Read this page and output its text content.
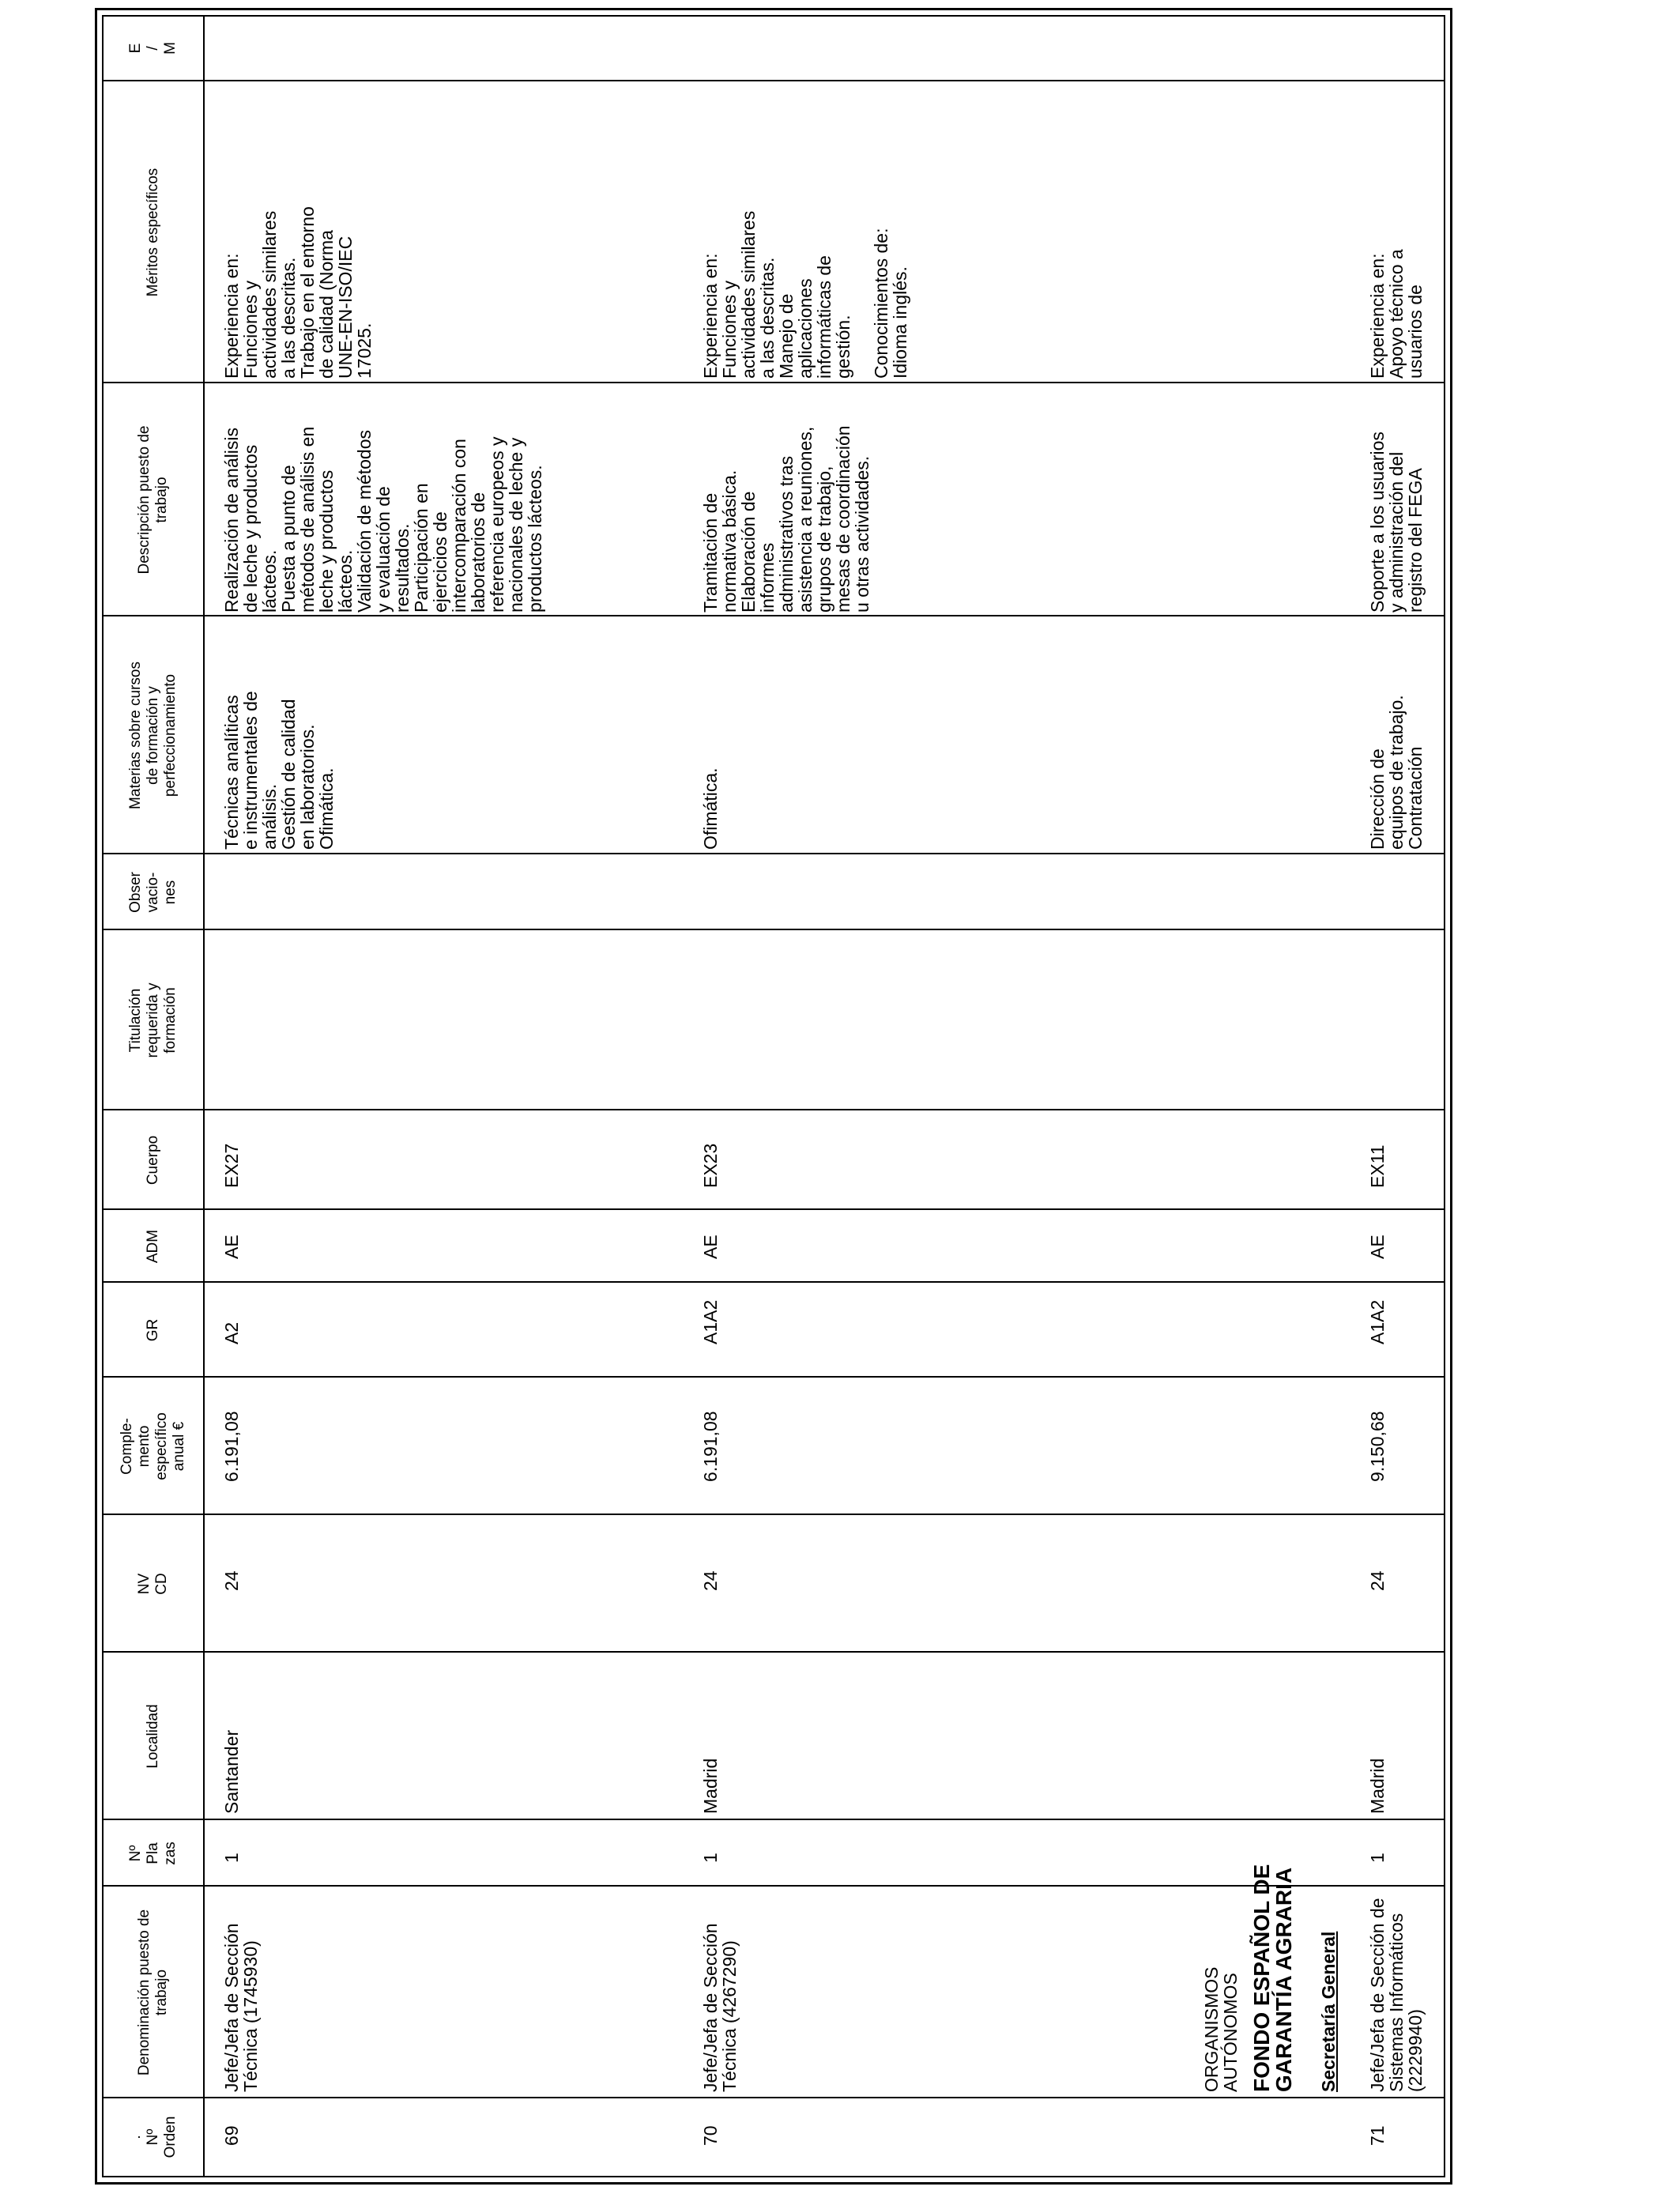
.
Nº
Orden
Denominación puesto de trabajo
Nº
Pla
zas
Localidad
NV
CD
Comple-
mento
específico
anual €
GR
ADM
Cuerpo
Titulación
requerida y
formación
Obser
vacio-
nes
Materias sobre cursos
de formación y
perfeccionamiento
Descripción puesto de
trabajo
Méritos específicos
E
/
M
69
Jefe/Jefa de Sección
Técnica (1745930)
1
Santander
24
6.191,08
A2
AE
EX27
Técnicas analíticas
e instrumentales de
análisis.
Gestión de calidad
en laboratorios.
Ofimática.
Realización de análisis
de leche y productos
lácteos.
Puesta a punto de
métodos de análisis en
leche y productos
lácteos.
Validación de métodos
y evaluación de
resultados.
Participación en
ejercicios de
intercomparación con
laboratorios de
referencia europeos y
nacionales de leche y
productos lácteos.
Experiencia en:
Funciones y
actividades similares
a las descritas.
Trabajo en el entorno
de calidad (Norma
UNE-EN-ISO/IEC
17025.
70
Jefe/Jefa de Sección
Técnica (4267290)
1
Madrid
24
6.191,08
A1A2
AE
EX23
Ofimática.
Tramitación de
normativa básica.
Elaboración de
informes
administrativos tras
asistencia a reuniones,
grupos de trabajo,
mesas de coordinación
u otras actividades.
Experiencia en:
Funciones y
actividades similares
a las descritas.
Manejo de
aplicaciones
informáticas de
gestión.

Conocimientos de:
Idioma inglés.
ORGANISMOS
AUTÓNOMOS FONDO ESPAÑOL DE
GARANTÍA AGRARIA
Secretaría General
71
Jefe/Jefa de Sección de
Sistemas Informáticos
(2229940)
1
Madrid
24
9.150,68
A1A2
AE
EX11
Dirección de
equipos de trabajo.
Contratación
Soporte a los usuarios
y administración del
registro del FEGA
Experiencia en:
Apoyo técnico a
usuarios de
